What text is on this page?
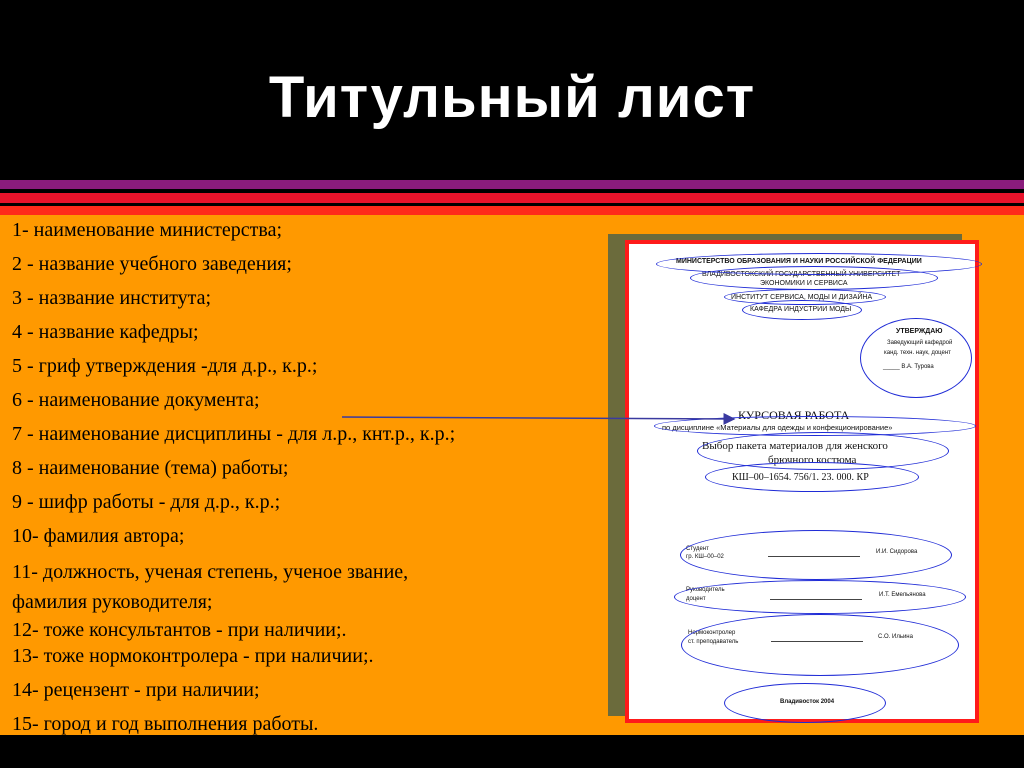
Титульный лист
1- наименование министерства;
2 - название учебного заведения;
3 - название института;
4 - название кафедры;
5 - гриф утверждения -для д.р., к.р.;
6 - наименование документа;
7 - наименование дисциплины - для л.р., кнт.р., к.р.;
8 - наименование (тема) работы;
9 - шифр работы - для д.р., к.р.;
10- фамилия автора;
11- должность, ученая степень, ученое звание,
фамилия руководителя;
12- тоже консультантов - при наличии;.
13- тоже нормоконтролера - при наличии;.
14- рецензент - при наличии;
15- город и год выполнения работы.
МИНИСТЕРСТВО ОБРАЗОВАНИЯ И НАУКИ РОССИЙСКОЙ ФЕДЕРАЦИИ
ВЛАДИВОСТОКСКИЙ ГОСУДАРСТВЕННЫЙ УНИВЕРСИТЕТ
ЭКОНОМИКИ И СЕРВИСА
ИНСТИТУТ СЕРВИСА, МОДЫ И ДИЗАЙНА
КАФЕДРА ИНДУСТРИИ МОДЫ
УТВЕРЖДАЮ
Заведующий кафедрой
канд. техн. наук, доцент
_____ В.А. Турова
КУРСОВАЯ РАБОТА
по дисциплине «Материалы для одежды и конфекционирование»
Выбор пакета материалов для женского
брючного костюма
КШ–00–1654. 756/1. 23. 000. КР
Студент
гр. КШ–00–02
И.И. Сидорова
Руководитель
доцент
И.Т. Емельянова
Нормоконтролер
ст. преподаватель
С.О. Ильина
Владивосток 2004
